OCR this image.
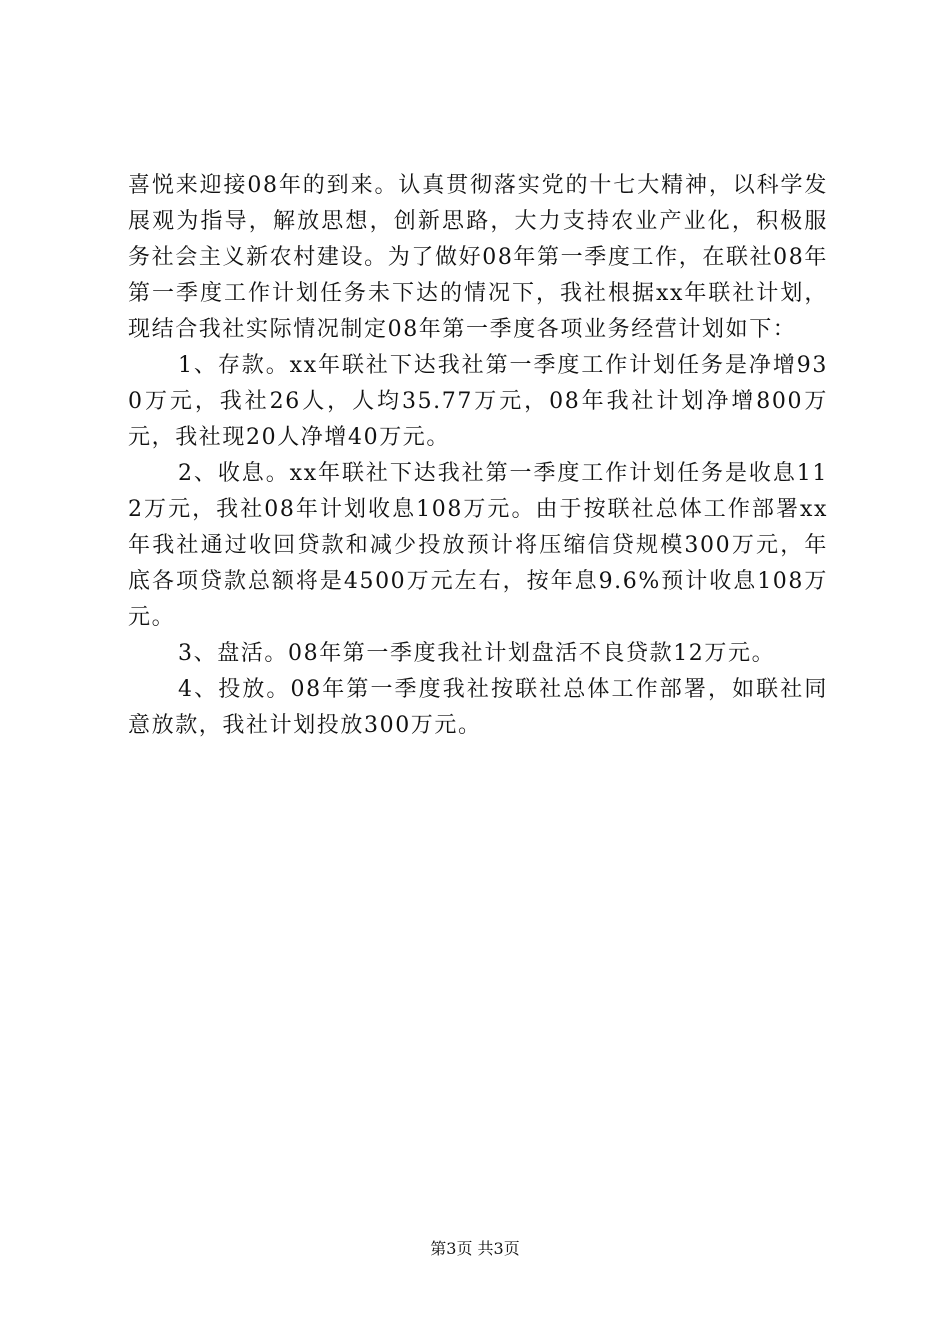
喜悦来迎接08年的到来。认真贯彻落实党的十七大精神，以科学发展观为指导，解放思想，创新思路，大力支持农业产业化，积极服务社会主义新农村建设。为了做好08年第一季度工作，在联社08年第一季度工作计划任务未下达的情况下，我社根据xx年联社计划，现结合我社实际情况制定08年第一季度各项业务经营计划如下：

1、存款。xx年联社下达我社第一季度工作计划任务是净增930万元，我社26人，人均35.77万元，08年我社计划净增800万元，我社现20人净增40万元。

2、收息。xx年联社下达我社第一季度工作计划任务是收息112万元，我社08年计划收息108万元。由于按联社总体工作部署xx年我社通过收回贷款和减少投放预计将压缩信贷规模300万元，年底各项贷款总额将是4500万元左右，按年息9.6%预计收息108万元。

3、盘活。08年第一季度我社计划盘活不良贷款12万元。

4、投放。08年第一季度我社按联社总体工作部署，如联社同意放款，我社计划投放300万元。

第3页 共3页
